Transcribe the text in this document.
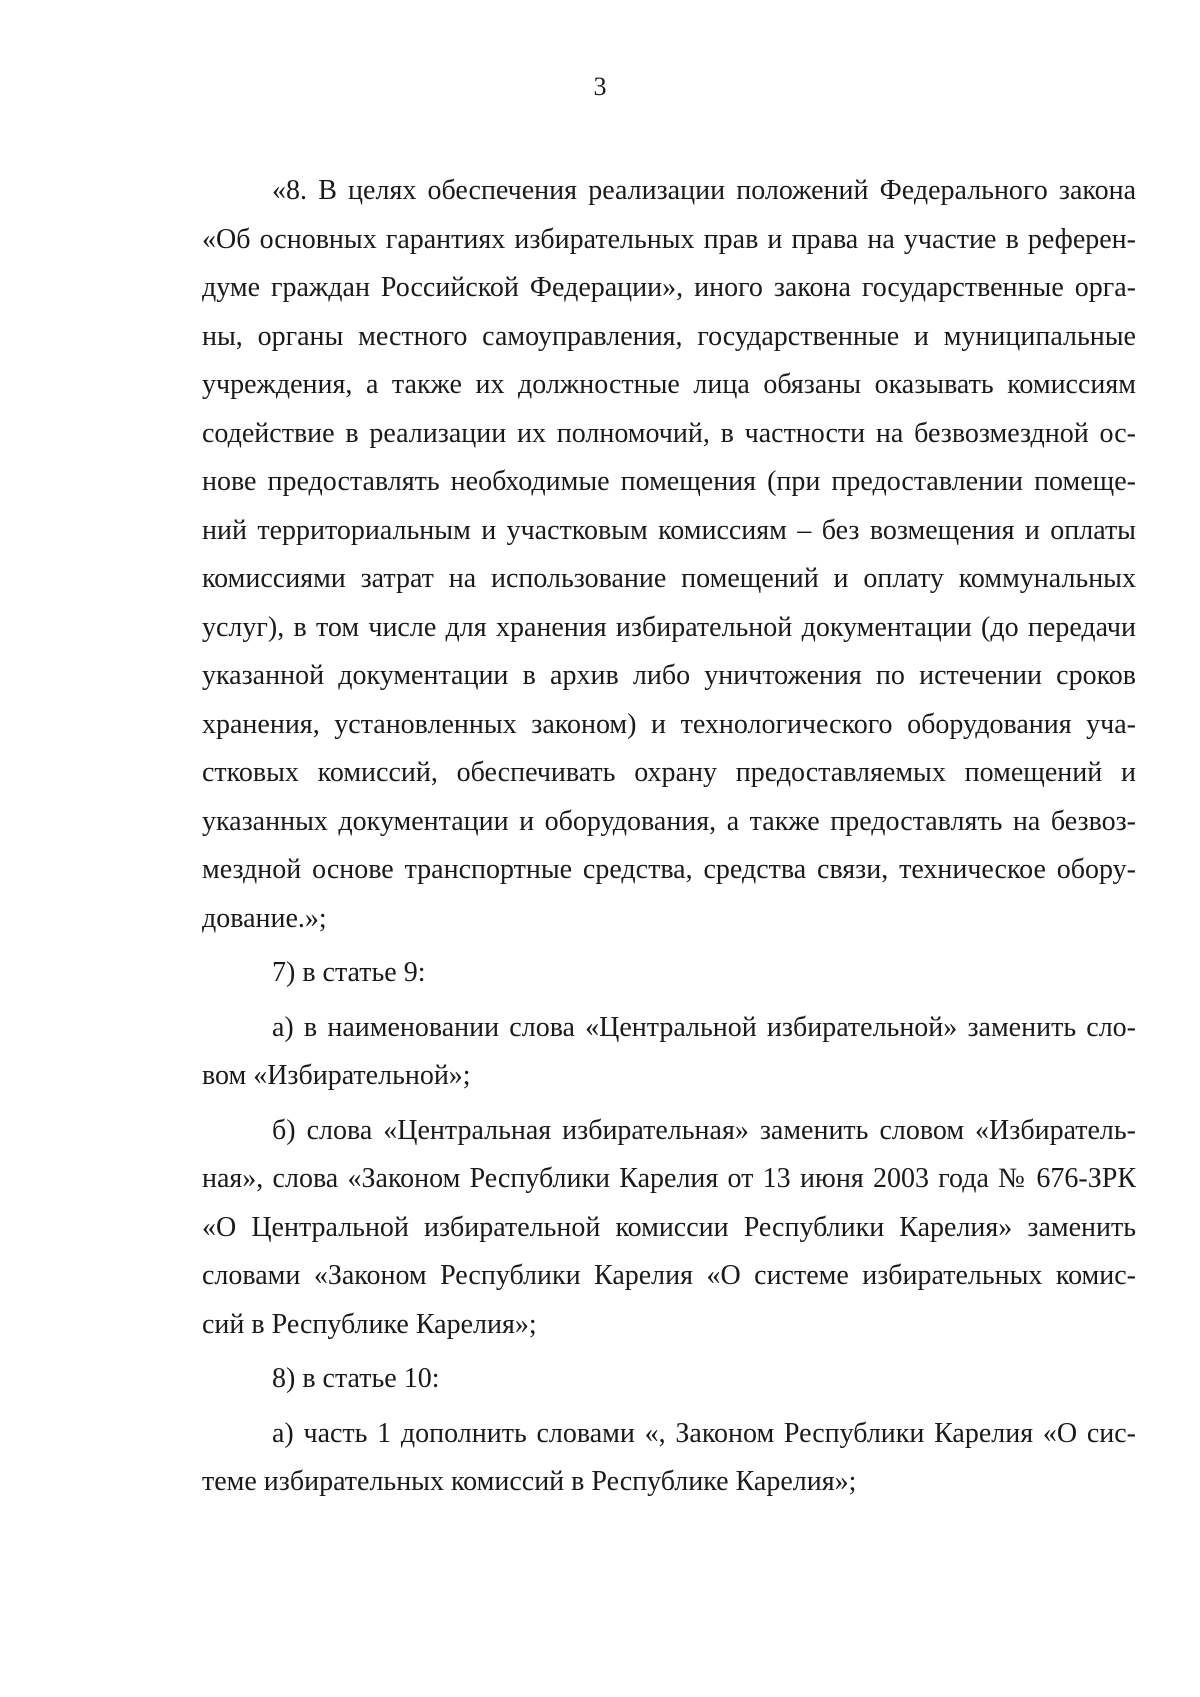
3

«8. В целях обеспечения реализации положений Федерального закона
«Об основных гарантиях избирательных прав и права на участие в референ-
думе граждан Российской Федерации», иного закона государственные орга-
ны, органы местного самоуправления, государственные и муниципальные
учреждения, а также их должностные лица обязаны оказывать комиссиям
содействие в реализации их полномочий, в частности на безвозмездной ос-
нове предоставлять необходимые помещения (при предоставлении помеще-
ний территориальным и участковым комиссиям – без возмещения и оплаты
комиссиями затрат на использование помещений и оплату коммунальных
услуг), в том числе для хранения избирательной документации (до передачи
указанной документации в архив либо уничтожения по истечении сроков
хранения, установленных законом) и технологического оборудования уча-
стковых комиссий, обеспечивать охрану предоставляемых помещений и
указанных документации и оборудования, а также предоставлять на безвоз-
мездной основе транспортные средства, средства связи, техническое обору-
дование.»;
7) в статье 9:
а) в наименовании слова «Центральной избирательной» заменить сло-
вом «Избирательной»;
б) слова «Центральная избирательная» заменить словом «Избиратель-
ная», слова «Законом Республики Карелия от 13 июня 2003 года № 676-ЗРК
«О Центральной избирательной комиссии Республики Карелия» заменить
словами «Законом Республики Карелия «О системе избирательных комис-
сий в Республике Карелия»;
8) в статье 10:
а) часть 1 дополнить словами «, Законом Республики Карелия «О сис-
теме избирательных комиссий в Республике Карелия»;
